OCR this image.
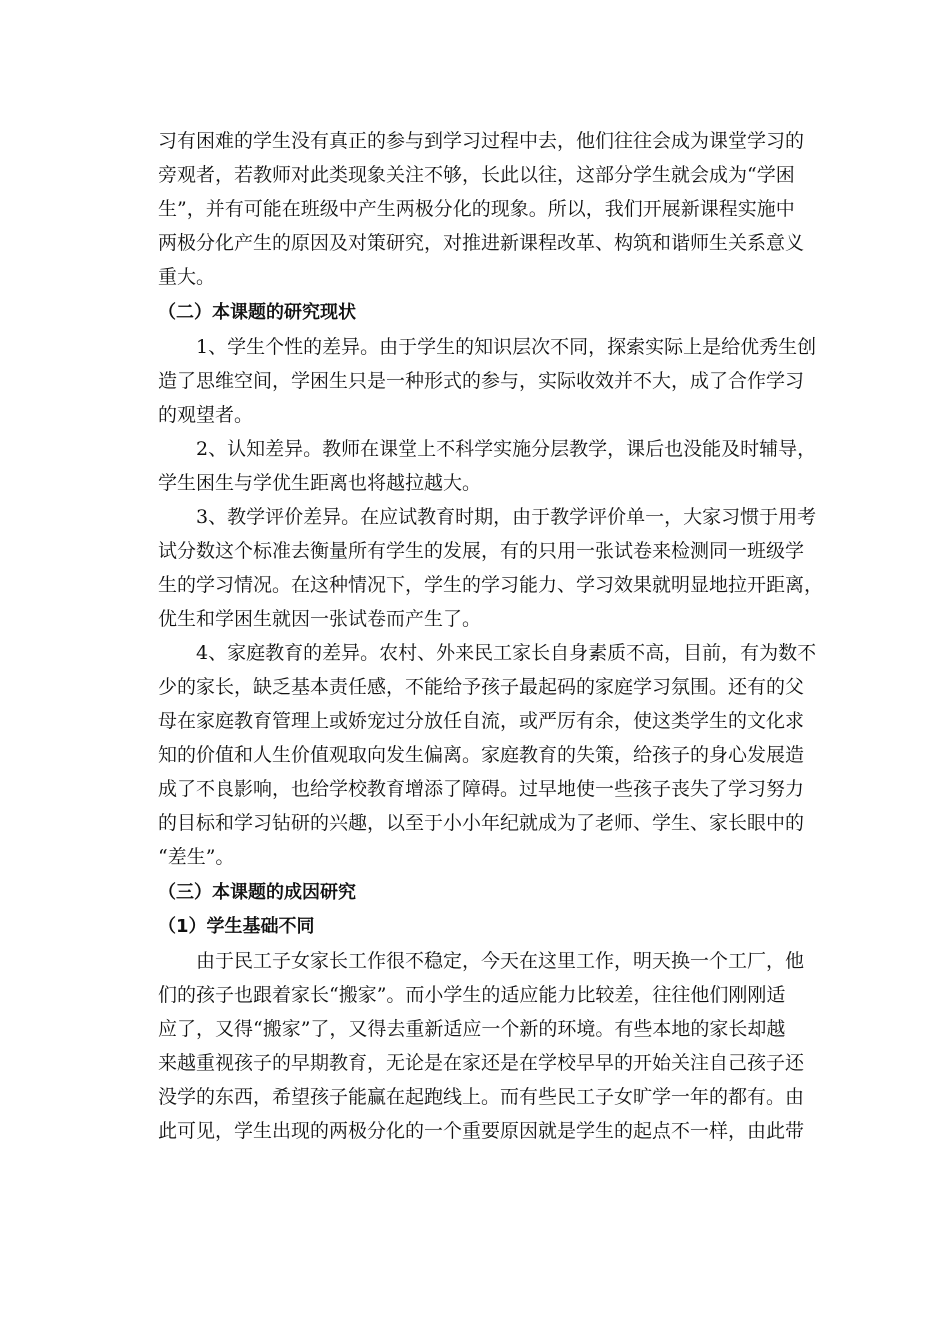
习有困难的学生没有真正的参与到学习过程中去，他们往往会成为课堂学习的
旁观者，若教师对此类现象关注不够，长此以往，这部分学生就会成为“学困
生”，并有可能在班级中产生两极分化的现象。所以，我们开展新课程实施中
两极分化产生的原因及对策研究，对推进新课程改革、构筑和谐师生关系意义
重大。
（二）本课题的研究现状
1、学生个性的差异。由于学生的知识层次不同，探索实际上是给优秀生创
造了思维空间，学困生只是一种形式的参与，实际收效并不大，成了合作学习
的观望者。
2、认知差异。教师在课堂上不科学实施分层教学，课后也没能及时辅导，
学生困生与学优生距离也将越拉越大。
3、教学评价差异。在应试教育时期，由于教学评价单一，大家习惯于用考
试分数这个标准去衡量所有学生的发展，有的只用一张试卷来检测同一班级学
生的学习情况。在这种情况下，学生的学习能力、学习效果就明显地拉开距离，
优生和学困生就因一张试卷而产生了。
4、家庭教育的差异。农村、外来民工家长自身素质不高，目前，有为数不
少的家长，缺乏基本责任感，不能给予孩子最起码的家庭学习氛围。还有的父
母在家庭教育管理上或娇宠过分放任自流，或严厉有余，使这类学生的文化求
知的价值和人生价值观取向发生偏离。家庭教育的失策，给孩子的身心发展造
成了不良影响，也给学校教育增添了障碍。过早地使一些孩子丧失了学习努力
的目标和学习钻研的兴趣，以至于小小年纪就成为了老师、学生、家长眼中的
“差生”。
（三）本课题的成因研究
（1）学生基础不同
由于民工子女家长工作很不稳定，今天在这里工作，明天换一个工厂，他
们的孩子也跟着家长“搬家”。而小学生的适应能力比较差，往往他们刚刚适
应了，又得“搬家”了，又得去重新适应一个新的环境。有些本地的家长却越
来越重视孩子的早期教育，无论是在家还是在学校早早的开始关注自己孩子还
没学的东西，希望孩子能赢在起跑线上。而有些民工子女旷学一年的都有。由
此可见，学生出现的两极分化的一个重要原因就是学生的起点不一样，由此带
